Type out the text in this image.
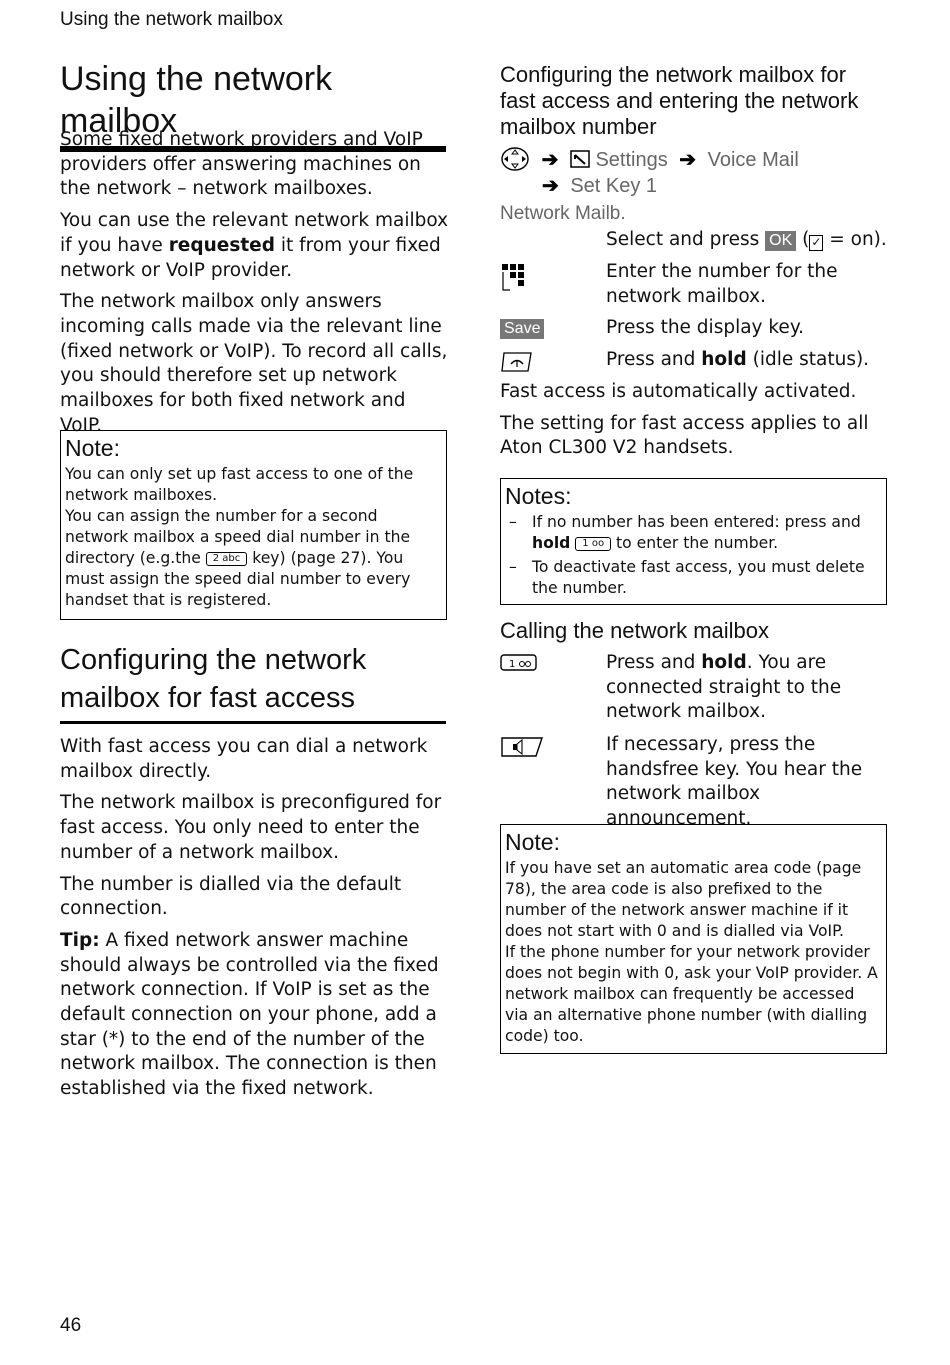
Using the network mailbox
Using the network mailbox

Some fixed network providers and VoIP providers offer answering machines on the network – network mailboxes.

You can use the relevant network mailbox if you have requested it from your fixed network or VoIP provider.

The network mailbox only answers incoming calls made via the relevant line (fixed network or VoIP). To record all calls, you should therefore set up network mailboxes for both fixed network and VoIP.

Note:

You can only set up fast access to one of the network mailboxes.

You can assign the number for a second network mailbox a speed dial number in the directory (e.g.the 2 abc key) (page 27). You must assign the speed dial number to every handset that is registered.

Configuring the network mailbox for fast access

With fast access you can dial a network mailbox directly.

The network mailbox is preconfigured for fast access. You only need to enter the number of a network mailbox.

The number is dialled via the default connection.

Tip: A fixed network answer machine should always be controlled via the fixed network connection. If VoIP is set as the default connection on your phone, add a star (*) to the end of the number of the network mailbox. The connection is then established via the fixed network.

Configuring the network mailbox for fast access and entering the network mailbox number
➔ Settings ➔ Voice Mail
➔ Set Key 1
Network Mailb.
Select and press OK ( ✓ = on).
Enter the number for the network mailbox.
Save	Press the display key.
Press and hold (idle status).

Fast access is automatically activated.

The setting for fast access applies to all Aton CL300 V2 handsets.

Notes:
– If no number has been entered: press and hold 1 oo to enter the number.
– To deactivate fast access, you must delete the number.
Calling the network mailbox
1	Press and hold. You are connected straight to the network mailbox.
If necessary, press the handsfree key. You hear the network mailbox announcement.
Note:

If you have set an automatic area code (page 78), the area code is also prefixed to the number of the network answer machine if it does not start with 0 and is dialled via VoIP.

If the phone number for your network provider does not begin with 0, ask your VoIP provider. A network mailbox can frequently be accessed via an alternative phone number (with dialling code) too.

46
